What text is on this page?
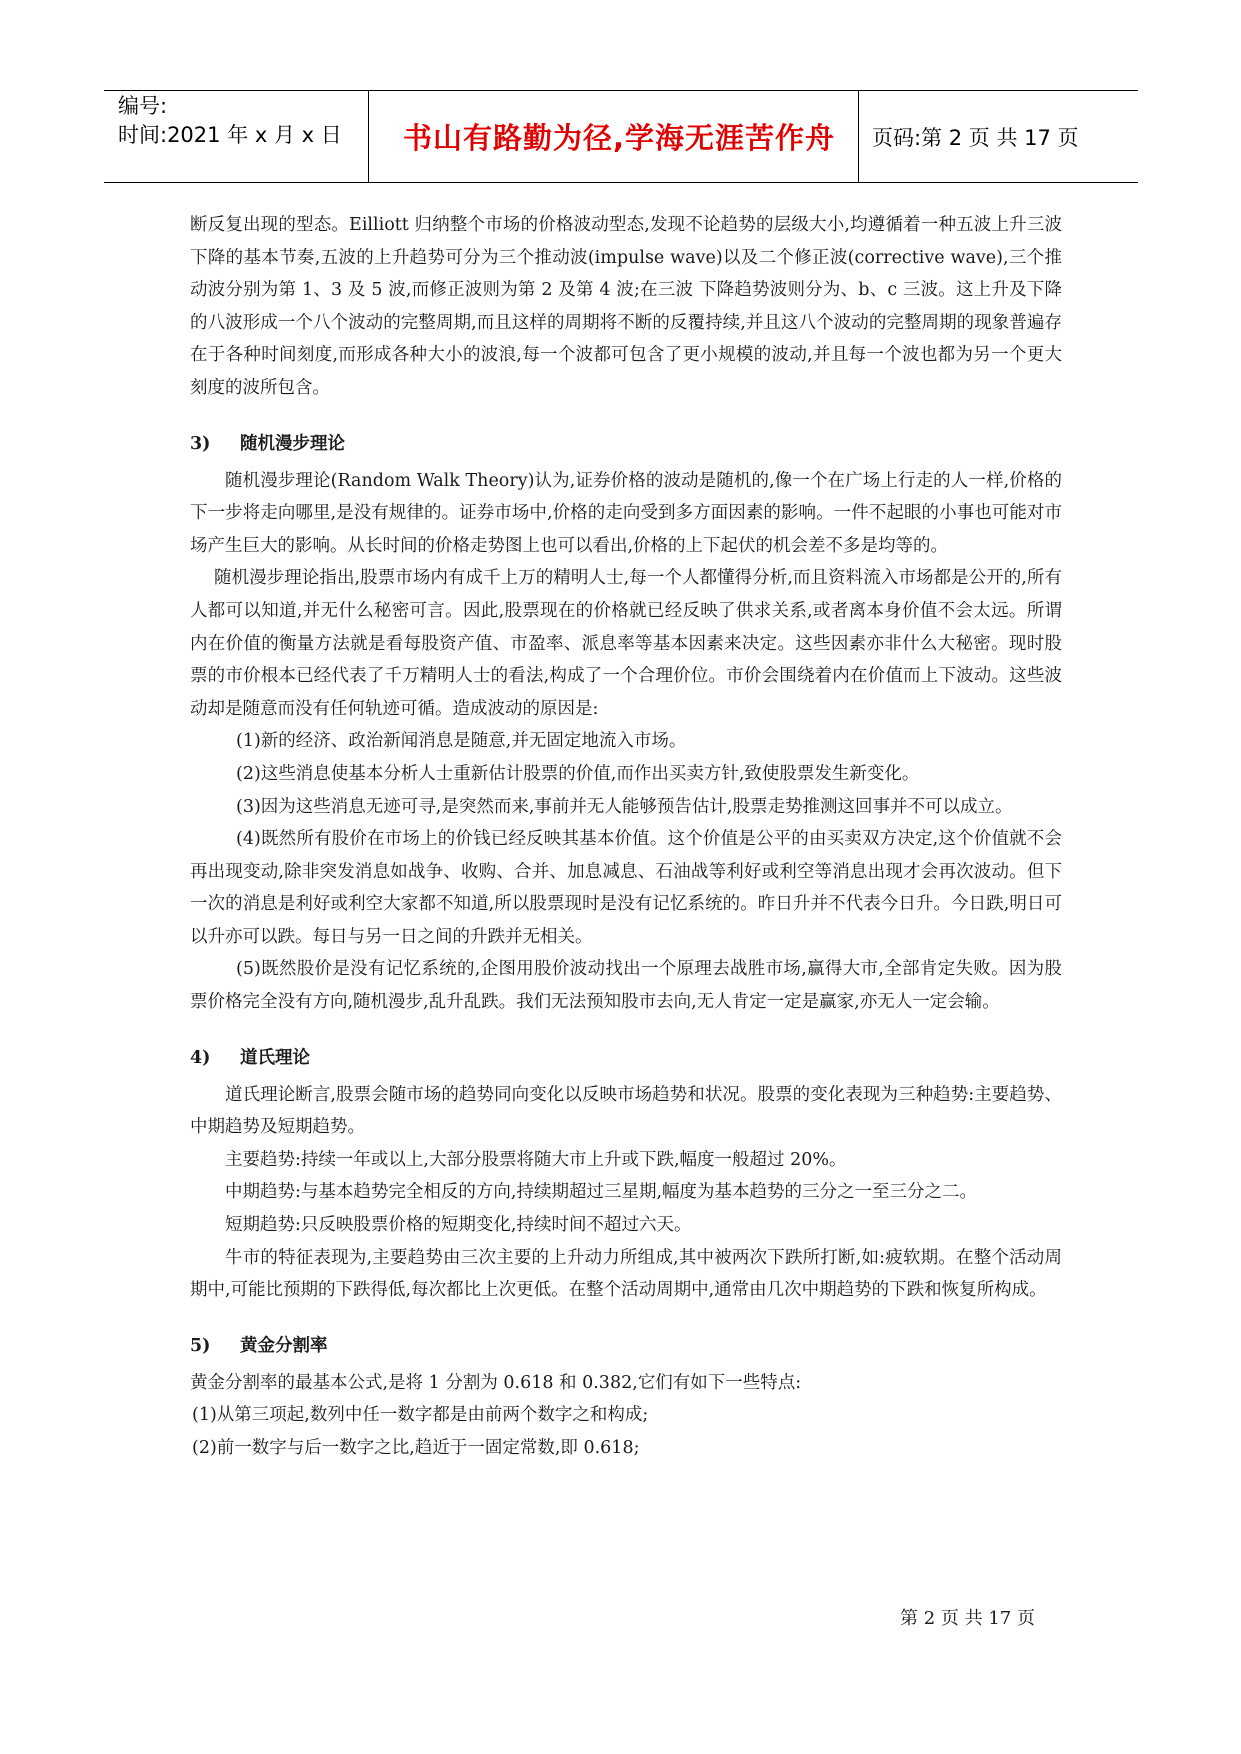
编号:
时间:2021 年 x 月 x 日	书山有路勤为径,学海无涯苦作舟	页码:第 2 页 共 17 页

断反复出现的型态。Eilliott 归纳整个市场的价格波动型态,发现不论趋势的层级大小,均遵循着一种五波上升三波下降的基本节奏,五波的上升趋势可分为三个推动波(impulse wave)以及二个修正波(corrective wave),三个推动波分别为第 1、3 及 5 波,而修正波则为第 2 及第 4 波;在三波 下降趋势波则分为、b、c 三波。这上升及下降的八波形成一个八个波动的完整周期,而且这样的周期将不断的反覆持续,并且这八个波动的完整周期的现象普遍存在于各种时间刻度,而形成各种大小的波浪,每一个波都可包含了更小规模的波动,并且每一个波也都为另一个更大刻度的波所包含。

3) 随机漫步理论

随机漫步理论(Random Walk Theory)认为,证券价格的波动是随机的,像一个在广场上行走的人一样,价格的下一步将走向哪里,是没有规律的。证券市场中,价格的走向受到多方面因素的影响。一件不起眼的小事也可能对市场产生巨大的影响。从长时间的价格走势图上也可以看出,价格的上下起伏的机会差不多是均等的。

随机漫步理论指出,股票市场内有成千上万的精明人士,每一个人都懂得分析,而且资料流入市场都是公开的,所有人都可以知道,并无什么秘密可言。因此,股票现在的价格就已经反映了供求关系,或者离本身价值不会太远。所谓内在价值的衡量方法就是看每股资产值、市盈率、派息率等基本因素来决定。这些因素亦非什么大秘密。现时股票的市价根本已经代表了千万精明人士的看法,构成了一个合理价位。市价会围绕着内在价值而上下波动。这些波动却是随意而没有任何轨迹可循。造成波动的原因是:

(1)新的经济、政治新闻消息是随意,并无固定地流入市场。

(2)这些消息使基本分析人士重新估计股票的价值,而作出买卖方针,致使股票发生新变化。

(3)因为这些消息无迹可寻,是突然而来,事前并无人能够预告估计,股票走势推测这回事并不可以成立。

(4)既然所有股价在市场上的价钱已经反映其基本价值。这个价值是公平的由买卖双方决定,这个价值就不会再出现变动,除非突发消息如战争、收购、合并、加息减息、石油战等利好或利空等消息出现才会再次波动。但下一次的消息是利好或利空大家都不知道,所以股票现时是没有记忆系统的。昨日升并不代表今日升。今日跌,明日可以升亦可以跌。每日与另一日之间的升跌并无相关。

(5)既然股价是没有记忆系统的,企图用股价波动找出一个原理去战胜市场,赢得大市,全部肯定失败。因为股票价格完全没有方向,随机漫步,乱升乱跌。我们无法预知股市去向,无人肯定一定是赢家,亦无人一定会输。

4) 道氏理论

道氏理论断言,股票会随市场的趋势同向变化以反映市场趋势和状况。股票的变化表现为三种趋势:主要趋势、中期趋势及短期趋势。

主要趋势:持续一年或以上,大部分股票将随大市上升或下跌,幅度一般超过 20%。

中期趋势:与基本趋势完全相反的方向,持续期超过三星期,幅度为基本趋势的三分之一至三分之二。

短期趋势:只反映股票价格的短期变化,持续时间不超过六天。

牛市的特征表现为,主要趋势由三次主要的上升动力所组成,其中被两次下跌所打断,如:疲软期。在整个活动周期中,可能比预期的下跌得低,每次都比上次更低。在整个活动周期中,通常由几次中期趋势的下跌和恢复所构成。

5) 黄金分割率

黄金分割率的最基本公式,是将 1 分割为 0.618 和 0.382,它们有如下一些特点:

(1)从第三项起,数列中任一数字都是由前两个数字之和构成;

(2)前一数字与后一数字之比,趋近于一固定常数,即 0.618;

第 2 页 共 17 页
